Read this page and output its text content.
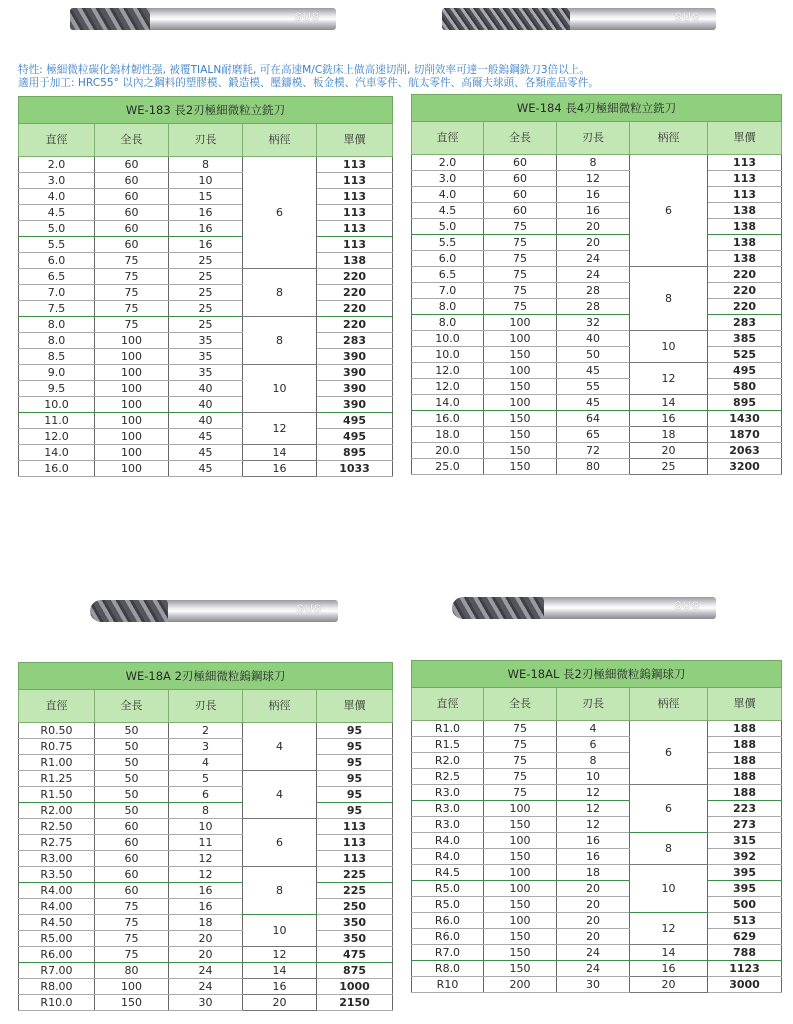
SUS	SUS
SUS	SUS
特性: 極細微粒碳化鎢材韌性强, 被覆TIALN耐磨耗, 可在高速M/C銑床上做高速切削, 切削效率可達一般鎢鋼銑刀3倍以上。
適用于加工: HRC55° 以內之鋼料的塑膠模、鍛造模、壓鑄模、板金模、汽車零件、航太零件、高爾夫球頭、各類産品零件。
WE-183 長2刃極細微粒立銑刀				
直徑	全長	刃長	柄徑	單價
2.0	60	8	6	113
3.0	60	10		113
4.0	60	15		113
4.5	60	16		113
5.0	60	16		113
5.5	60	16		113
6.0	75	25		138
6.5	75	25	8	220
7.0	75	25		220
7.5	75	25		220
8.0	75	25	8	220
8.0	100	35		283
8.5	100	35		390
9.0	100	35	10	390
9.5	100	40		390
10.0	100	40		390
11.0	100	40	12	495
12.0	100	45		495
14.0	100	45	14	895
16.0	100	45	16	1033
WE-184 長4刃極細微粒立銑刀				
直徑	全長	刃長	柄徑	單價
2.0	60	8	6	113
3.0	60	12		113
4.0	60	16		113
4.5	60	16		138
5.0	75	20		138
5.5	75	20		138
6.0	75	24		138
6.5	75	24	8	220
7.0	75	28		220
8.0	75	28		220
8.0	100	32		283
10.0	100	40	10	385
10.0	150	50		525
12.0	100	45	12	495
12.0	150	55		580
14.0	100	45	14	895
16.0	150	64	16	1430
18.0	150	65	18	1870
20.0	150	72	20	2063
25.0	150	80	25	3200
WE-18A 2刃極細微粒鎢鋼球刀				
直徑	全長	刃長	柄徑	單價
R0.50	50	2	4	95
R0.75	50	3		95
R1.00	50	4		95
R1.25	50	5	4	95
R1.50	50	6		95
R2.00	50	8		95
R2.50	60	10	6	113
R2.75	60	11		113
R3.00	60	12		113
R3.50	60	12	8	225
R4.00	60	16		225
R4.00	75	16		250
R4.50	75	18	10	350
R5.00	75	20		350
R6.00	75	20	12	475
R7.00	80	24	14	875
R8.00	100	24	16	1000
R10.0	150	30	20	2150
WE-18AL 長2刃極細微粒鎢鋼球刀				
直徑	全長	刃長	柄徑	單價
R1.0	75	4	6	188
R1.5	75	6		188
R2.0	75	8		188
R2.5	75	10		188
R3.0	75	12	6	188
R3.0	100	12		223
R3.0	150	12		273
R4.0	100	16	8	315
R4.0	150	16		392
R4.5	100	18	10	395
R5.0	100	20		395
R5.0	150	20		500
R6.0	100	20	12	513
R6.0	150	20		629
R7.0	150	24	14	788
R8.0	150	24	16	1123
R10	200	30	20	3000
